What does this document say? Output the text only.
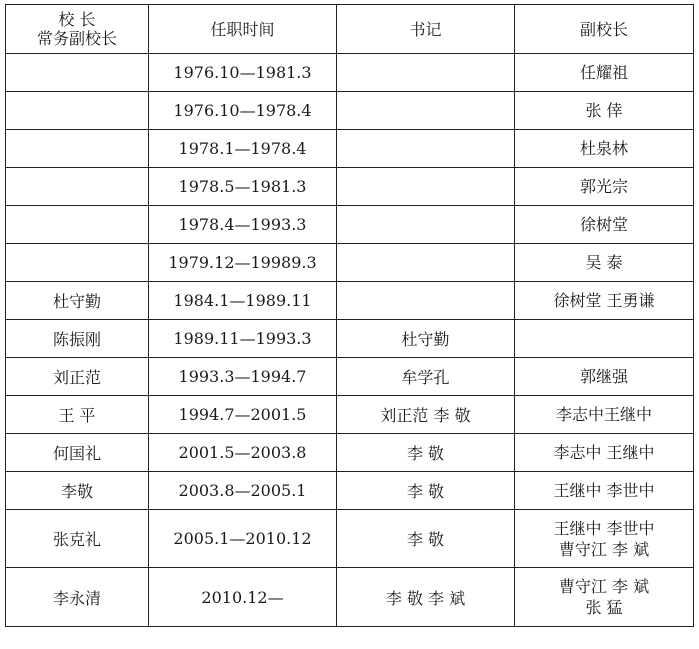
校 长
常务副校长	任职时间	书记	副校长
	1976.10—1981.3		任耀祖

	1976.10—1978.4		张 倖

	1978.1—1978.4		杜泉林

	1978.5—1981.3		郭光宗

	1978.4—1993.3		徐树堂

	1979.12—19989.3		吴 泰

杜守勤	1984.1—1989.11		徐树堂 王勇谦

陈振刚	1989.11—1993.3	杜守勤	

刘正范	1993.3—1994.7	牟学孔	郭继强

王 平	1994.7—2001.5	刘正范 李 敬	李志中王继中

何国礼	2001.5—2003.8	李 敬	李志中 王继中

李敬	2003.8—2005.1	李 敬	王继中 李世中

张克礼	2005.1—2010.12	李 敬	王继中 李世中
曹守江 李 斌

李永清	2010.12—	李 敬 李 斌	曹守江 李 斌
张 猛
